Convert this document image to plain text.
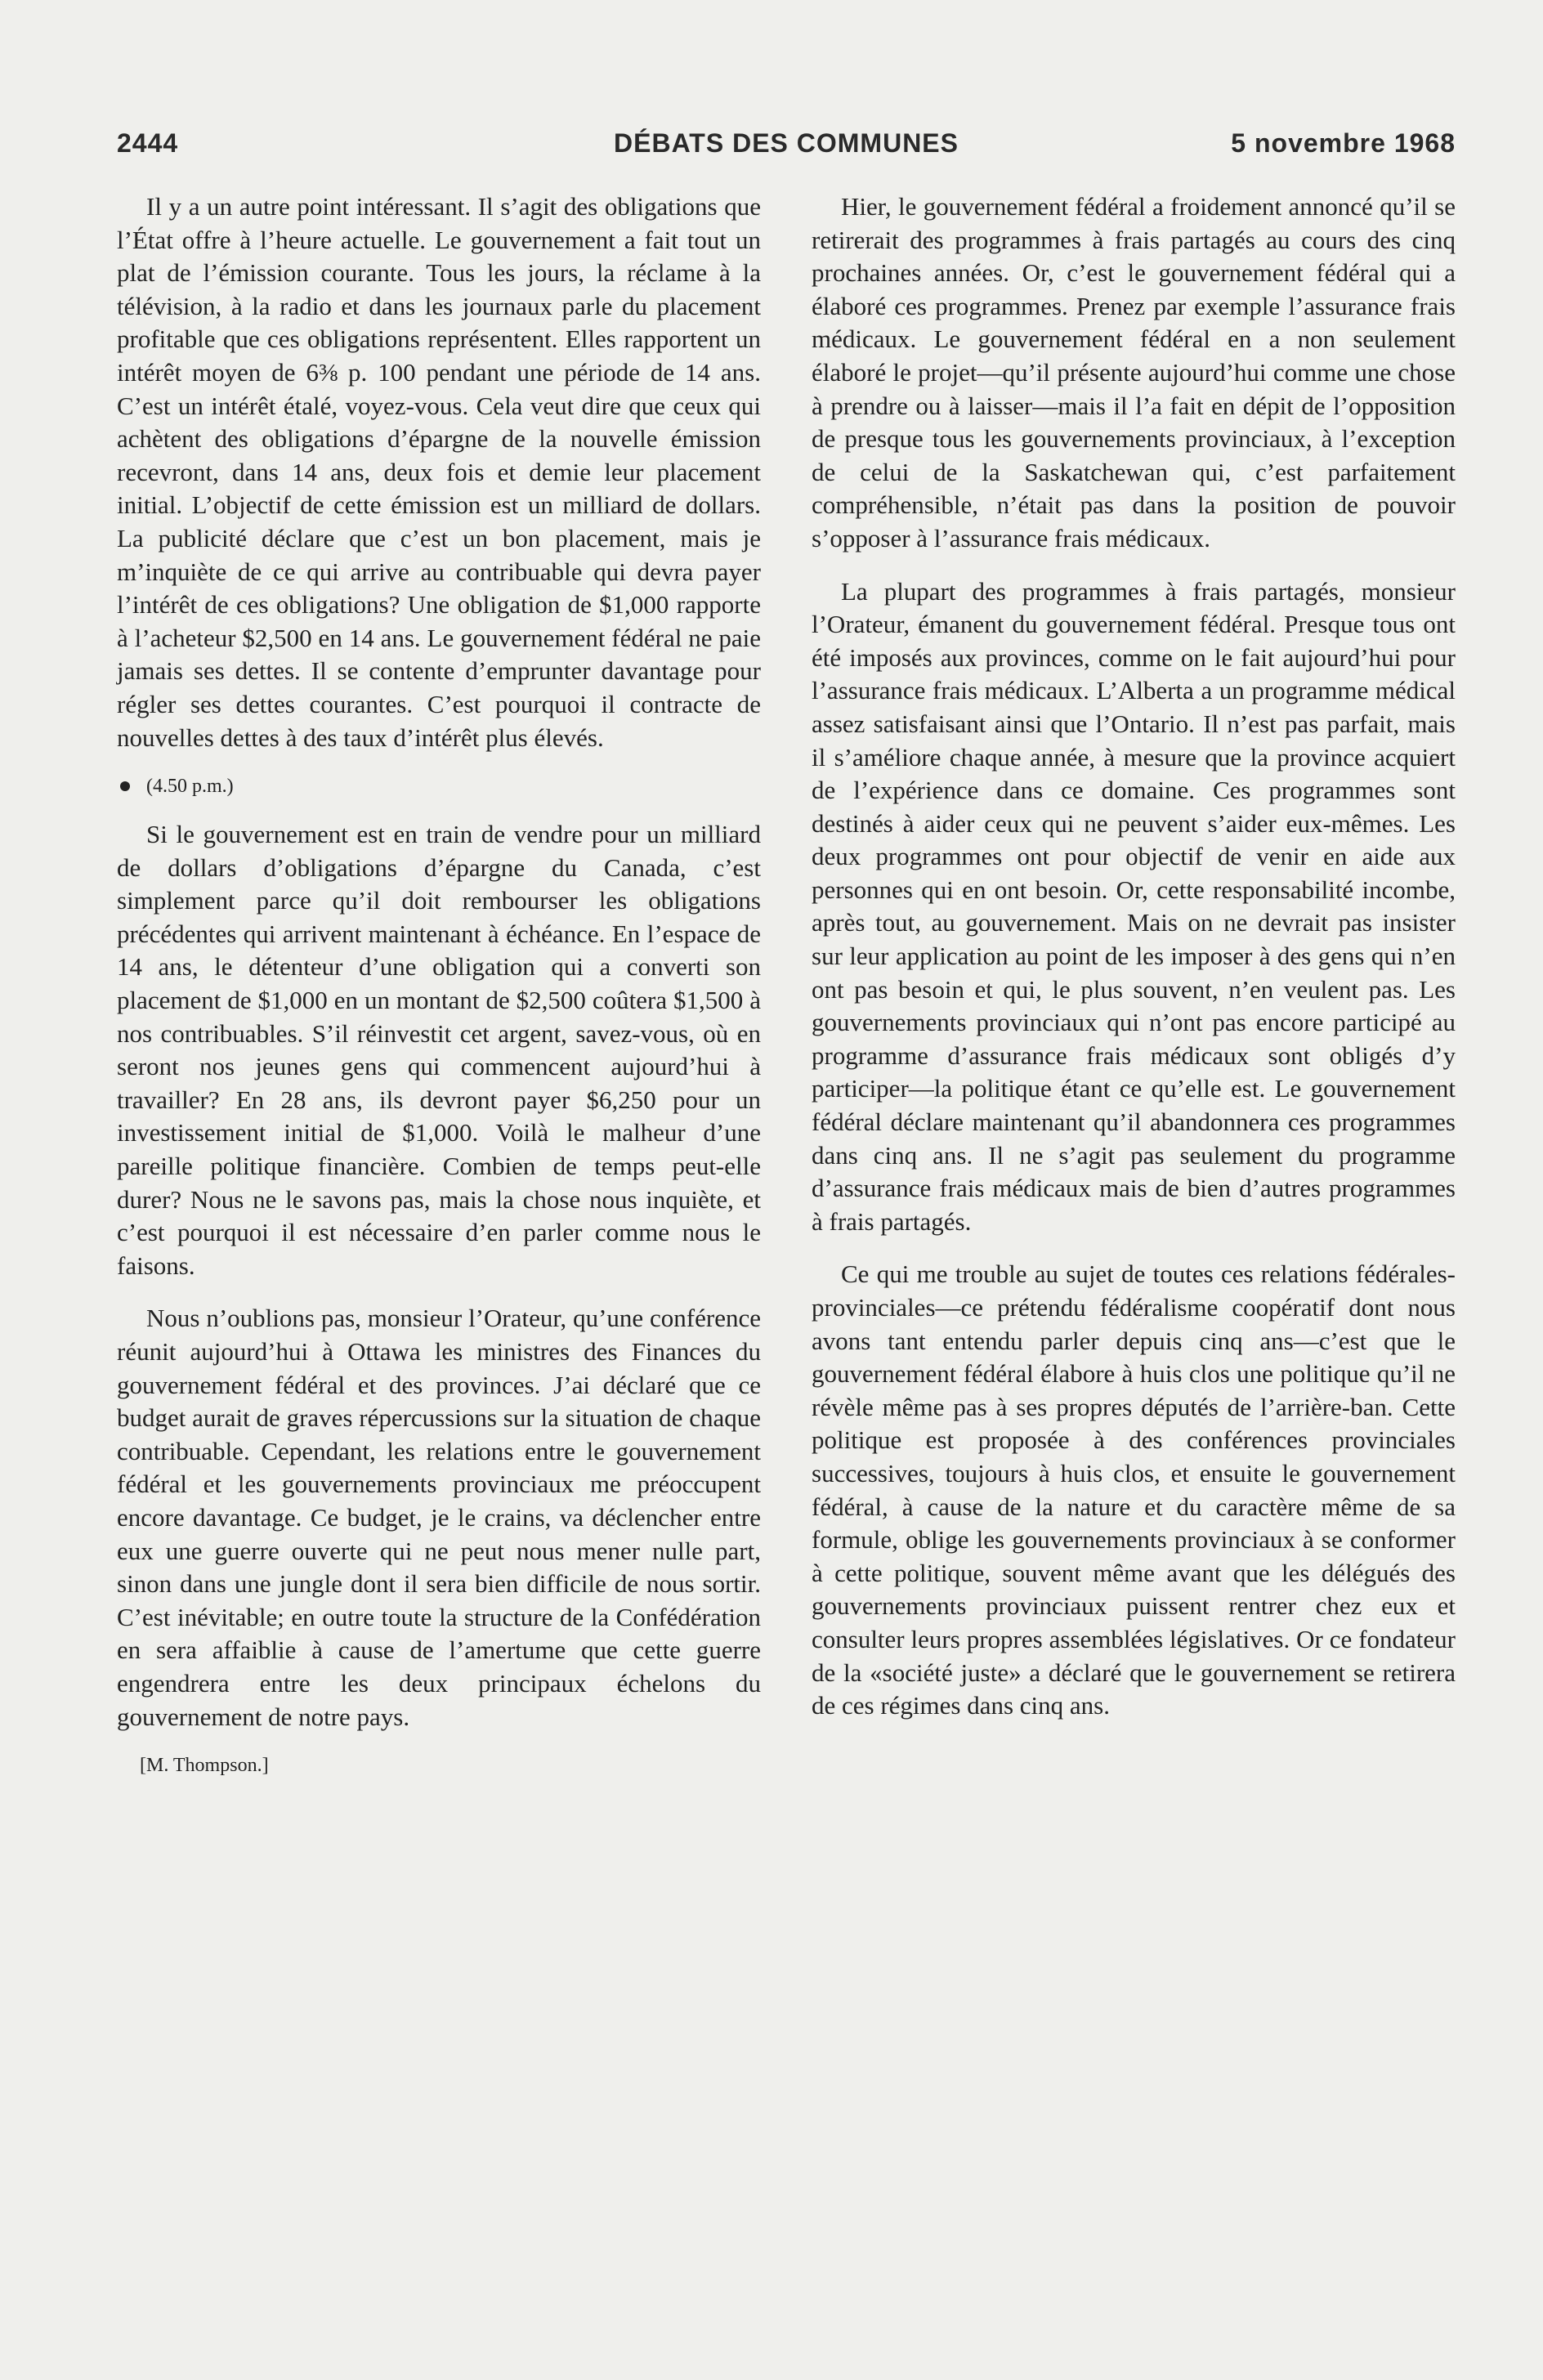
2444	DÉBATS DES COMMUNES	5 novembre 1968

Il y a un autre point intéressant. Il s’agit des obligations que l’État offre à l’heure actuelle. Le gouvernement a fait tout un plat de l’émission courante. Tous les jours, la réclame à la télévision, à la radio et dans les journaux parle du placement profitable que ces obligations représentent. Elles rapportent un intérêt moyen de 6⅜ p. 100 pendant une période de 14 ans. C’est un intérêt étalé, voyez-vous. Cela veut dire que ceux qui achètent des obligations d’épargne de la nouvelle émission recevront, dans 14 ans, deux fois et demie leur placement initial. L’objectif de cette émission est un milliard de dollars. La publicité déclare que c’est un bon placement, mais je m’inquiète de ce qui arrive au contribuable qui devra payer l’intérêt de ces obligations? Une obligation de $1,000 rapporte à l’acheteur $2,500 en 14 ans. Le gouvernement fédéral ne paie jamais ses dettes. Il se contente d’emprunter davantage pour régler ses dettes courantes. C’est pourquoi il contracte de nouvelles dettes à des taux d’intérêt plus élevés.

(4.50 p.m.)

Si le gouvernement est en train de vendre pour un milliard de dollars d’obligations d’épargne du Canada, c’est simplement parce qu’il doit rembourser les obligations précédentes qui arrivent maintenant à échéance. En l’espace de 14 ans, le détenteur d’une obligation qui a converti son placement de $1,000 en un montant de $2,500 coûtera $1,500 à nos contribuables. S’il réinvestit cet argent, savez-vous, où en seront nos jeunes gens qui commencent aujourd’hui à travailler? En 28 ans, ils devront payer $6,250 pour un investissement initial de $1,000. Voilà le malheur d’une pareille politique financière. Combien de temps peut-elle durer? Nous ne le savons pas, mais la chose nous inquiète, et c’est pourquoi il est nécessaire d’en parler comme nous le faisons.

Nous n’oublions pas, monsieur l’Orateur, qu’une conférence réunit aujourd’hui à Ottawa les ministres des Finances du gouvernement fédéral et des provinces. J’ai déclaré que ce budget aurait de graves répercussions sur la situation de chaque contribuable. Cependant, les relations entre le gouvernement fédéral et les gouvernements provinciaux me préoccupent encore davantage. Ce budget, je le crains, va déclencher entre eux une guerre ouverte qui ne peut nous mener nulle part, sinon dans une jungle dont il sera bien difficile de nous sortir. C’est inévitable; en outre toute la structure de la Confédération en sera affaiblie à cause de l’amertume que cette guerre engendrera entre les deux principaux échelons du gouvernement de notre pays.

[M. Thompson.]

Hier, le gouvernement fédéral a froidement annoncé qu’il se retirerait des programmes à frais partagés au cours des cinq prochaines années. Or, c’est le gouvernement fédéral qui a élaboré ces programmes. Prenez par exemple l’assurance frais médicaux. Le gouvernement fédéral en a non seulement élaboré le projet—qu’il présente aujourd’hui comme une chose à prendre ou à laisser—mais il l’a fait en dépit de l’opposition de presque tous les gouvernements provinciaux, à l’exception de celui de la Saskatchewan qui, c’est parfaitement compréhensible, n’était pas dans la position de pouvoir s’opposer à l’assurance frais médicaux.

La plupart des programmes à frais partagés, monsieur l’Orateur, émanent du gouvernement fédéral. Presque tous ont été imposés aux provinces, comme on le fait aujourd’hui pour l’assurance frais médicaux. L’Alberta a un programme médical assez satisfaisant ainsi que l’Ontario. Il n’est pas parfait, mais il s’améliore chaque année, à mesure que la province acquiert de l’expérience dans ce domaine. Ces programmes sont destinés à aider ceux qui ne peuvent s’aider eux-mêmes. Les deux programmes ont pour objectif de venir en aide aux personnes qui en ont besoin. Or, cette responsabilité incombe, après tout, au gouvernement. Mais on ne devrait pas insister sur leur application au point de les imposer à des gens qui n’en ont pas besoin et qui, le plus souvent, n’en veulent pas. Les gouvernements provinciaux qui n’ont pas encore participé au programme d’assurance frais médicaux sont obligés d’y participer—la politique étant ce qu’elle est. Le gouvernement fédéral déclare maintenant qu’il abandonnera ces programmes dans cinq ans. Il ne s’agit pas seulement du programme d’assurance frais médicaux mais de bien d’autres programmes à frais partagés.

Ce qui me trouble au sujet de toutes ces relations fédérales-provinciales—ce prétendu fédéralisme coopératif dont nous avons tant entendu parler depuis cinq ans—c’est que le gouvernement fédéral élabore à huis clos une politique qu’il ne révèle même pas à ses propres députés de l’arrière-ban. Cette politique est proposée à des conférences provinciales successives, toujours à huis clos, et ensuite le gouvernement fédéral, à cause de la nature et du caractère même de sa formule, oblige les gouvernements provinciaux à se conformer à cette politique, souvent même avant que les délégués des gouvernements provinciaux puissent rentrer chez eux et consulter leurs propres assemblées législatives. Or ce fondateur de la «société juste» a déclaré que le gouvernement se retirera de ces régimes dans cinq ans.
